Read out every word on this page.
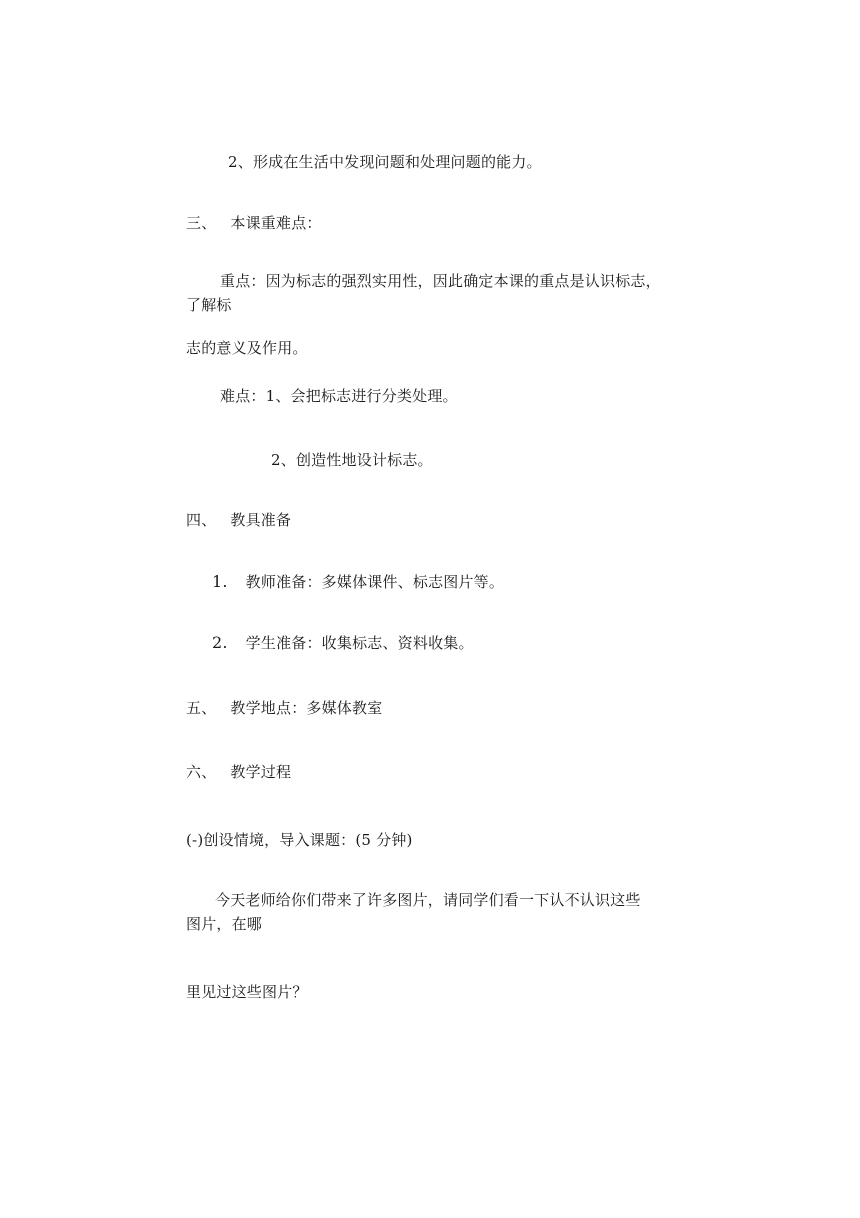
2、形成在生活中发现问题和处理问题的能力。
三、 本课重难点：
重点：因为标志的强烈实用性，因此确定本课的重点是认识标志，
了解标
志的意义及作用。
难点：1、会把标志进行分类处理。
2、创造性地设计标志。
四、 教具准备
1. 教师准备：多媒体课件、标志图片等。
2. 学生准备：收集标志、资料收集。
五、 教学地点：多媒体教室
六、 教学过程
(-)创设情境，导入课题：(5 分钟)
今天老师给你们带来了许多图片，请同学们看一下认不认识这些
图片，在哪
里见过这些图片？
